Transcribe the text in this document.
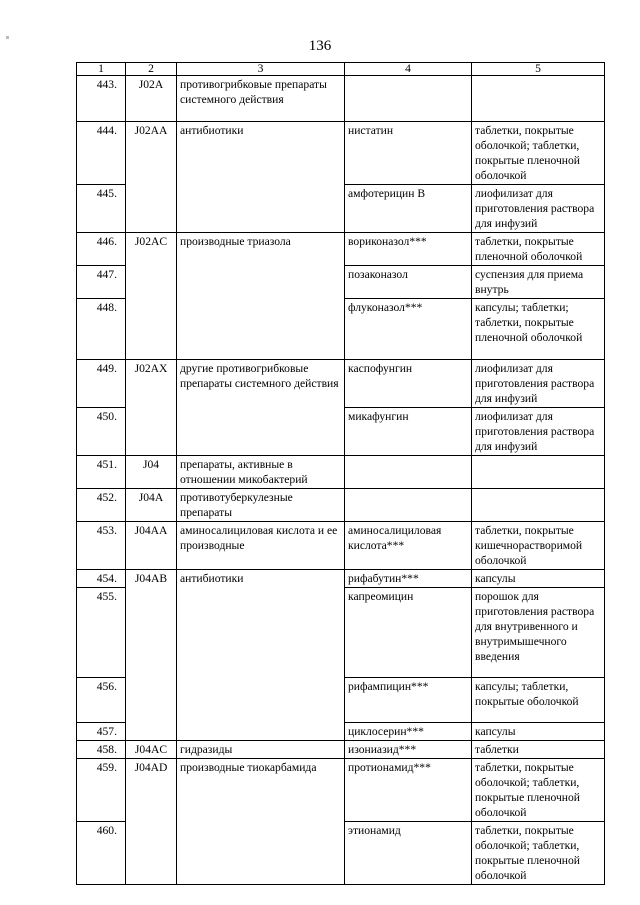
136
1	2	3	4	5
443.	J02A	противогрибковые препараты системного действия		
444.	J02AA	антибиотики	нистатин	таблетки, покрытые оболочкой; таблетки, покрытые пленочной оболочкой
445.			амфотерицин В	лиофилизат для приготовления раствора для инфузий
446.	J02AC	производные триазола	вориконазол***	таблетки, покрытые пленочной оболочкой
447.			позаконазол	суспензия для приема внутрь
448.			флуконазол***	капсулы; таблетки; таблетки, покрытые пленочной оболочкой
449.	J02AX	другие противогрибковые препараты системного действия	каспофунгин	лиофилизат для приготовления раствора для инфузий
450.			микафунгин	лиофилизат для приготовления раствора для инфузий
451.	J04	препараты, активные в отношении микобактерий		
452.	J04A	противотуберкулезные препараты		
453.	J04AA	аминосалициловая кислота и ее производные	аминосалициловая кислота***	таблетки, покрытые кишечнорастворимой оболочкой
454.	J04AB	антибиотики	рифабутин***	капсулы
455.			капреомицин	порошок для приготовления раствора для внутривенного и внутримышечного введения
456.			рифампицин***	капсулы; таблетки, покрытые оболочкой
457.			циклосерин***	капсулы
458.	J04AC	гидразиды	изониазид***	таблетки
459.	J04AD	производные тиокарбамида	протионамид***	таблетки, покрытые оболочкой; таблетки, покрытые пленочной оболочкой
460.			этионамид	таблетки, покрытые оболочкой; таблетки, покрытые пленочной оболочкой
